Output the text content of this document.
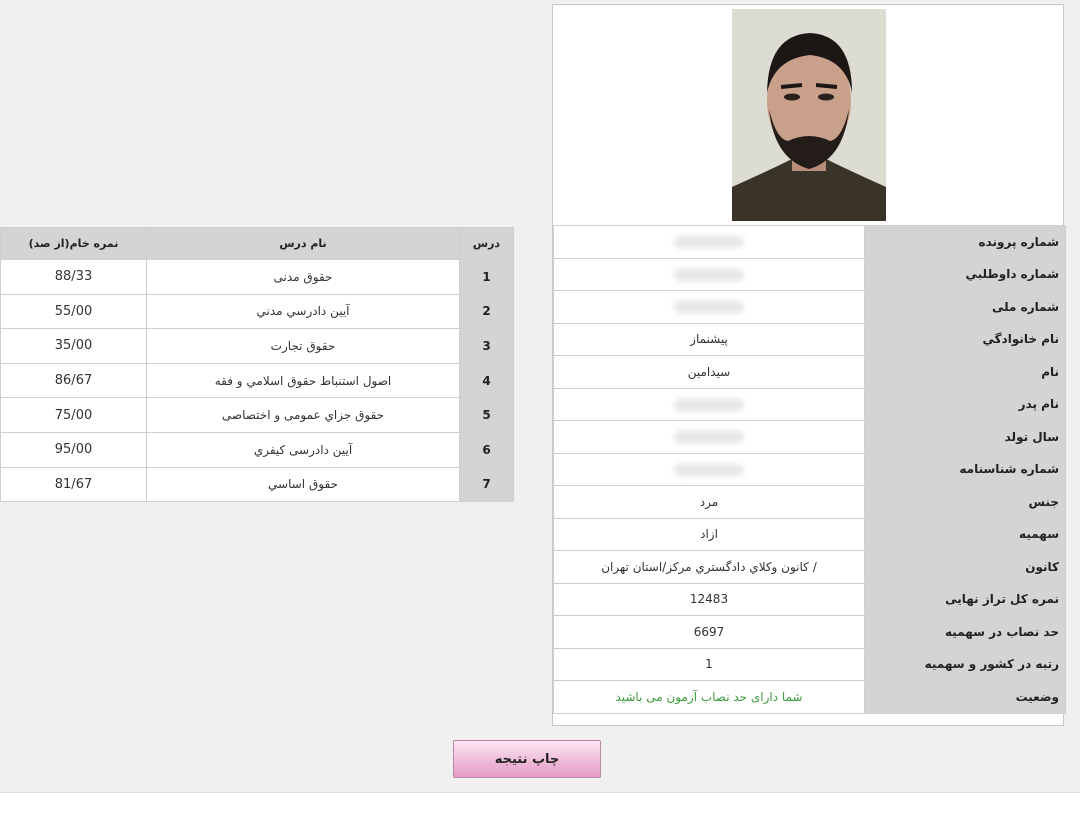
	شماره پرونده
	شماره داوطلبي
	شماره ملی
پيشنماز	نام خانوادگي
سيدامين	نام
	نام پدر
	سال تولد
	شماره شناسنامه
مرد	جنس
ازاد	سهميه
/ كانون وكلاي دادگستري مركز/استان تهران	كانون
12483	نمره كل تراز نهایی
6697	حد نصاب در سهميه
1	رتبه در کشور و سهميه
شما دارای حد نصاب آزمون می باشيد	وضعيت
نمره خام(از صد)	نام درس	درس
88/33	حقوق مدنی	1
55/00	آيين دادرسي مدني	2
35/00	حقوق تجارت	3
86/67	اصول استنباط حقوق اسلامي و فقه	4
75/00	حقوق جزاي عمومی و اختصاصی	5
95/00	آيين دادرسی کيفري	6
81/67	حقوق اساسي	7
چاپ نتيجه
